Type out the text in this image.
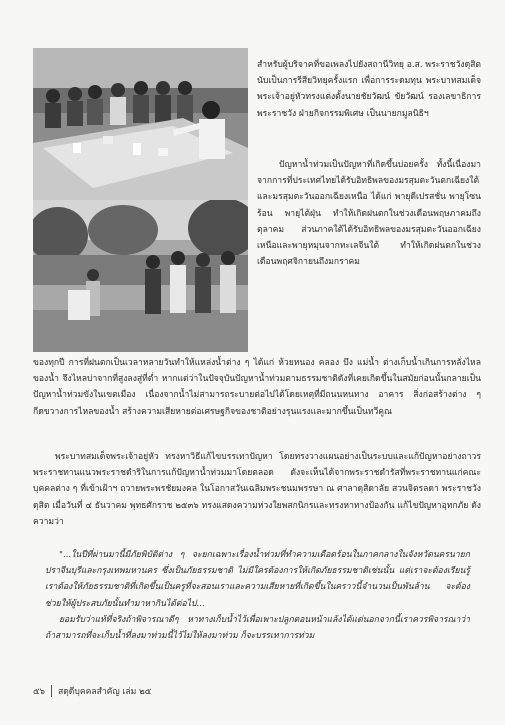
สำหรับผู้บริจาคที่ขอเพลงไปยังสถานีวิทยุ อ.ส. พระราชวังดุสิต นับเป็นการรีสียวิทยุครั้งแรก เพื่อการระดมทุน พระบาทสมเด็จพระเจ้าอยู่หัวทรงแต่งตั้งนายชัยวัฒน์ ขัยวัฒน์ รองเลขาธิการพระราชวัง ฝ่ายกิจกรรมพิเศษ เป็นนายกมูลนิธิฯ

ปัญหาน้ำท่วมเป็นปัญหาที่เกิดขึ้นบ่อยครั้ง ทั้งนี้เนื่องมาจากการที่ประเทศไทยได้รับอิทธิพลของมรสุมตะวันตกเฉียงใต้และมรสุมตะวันออกเฉียงเหนือ ได้แก่ พายุดีเปรสชั่น พายุโซนร้อน พายุไต้ฝุ่น ทำให้เกิดฝนตกในช่วงเดือนพฤษภาคมถึงตุลาคม ส่วนภาคใต้ได้รับอิทธิพลของมรสุมตะวันออกเฉียงเหนือและพายุหมุนจากทะเลจีนใต้ ทำให้เกิดฝนตกในช่วงเดือนพฤศจิกายนถึงมกราคม

ของทุกปี การที่ฝนตกเป็นเวลาหลายวันทำให้แหล่งน้ำต่าง ๆ ได้แก่ ห้วยหนอง คลอง บึง แม่น้ำ ต่างเก็บน้ำเกินการหลั่งไหลของน้ำ จึงไหลบ่าจากที่สูงลงสู่ที่ต่ำ หากแต่ว่าในปัจจุบันปัญหาน้ำท่วมตามธรรมชาติดังที่เคยเกิดขึ้นในสมัยก่อนนั้นกลายเป็นปัญหาน้ำท่วมขังในเขตเมือง เนื่องจากน้ำไม่สามารถระบายต่อไปได้โดยเหตุที่มีถนนหนทาง อาคาร สิ่งก่อสร้างต่าง ๆ กีดขวางการไหลของน้ำ สร้างความเสียหายต่อเศรษฐกิจของชาติอย่างรุนแรงและมากขึ้นเป็นทวีคูณ

พระบาทสมเด็จพระเจ้าอยู่หัว ทรงหาวิธีแก้ไขบรรเทาปัญหา โดยทรงวางแผนอย่างเป็นระบบและแก้ปัญหาอย่างถาวร พระราชทานแนวพระราชดำริในการแก้ปัญหาน้ำท่วมมาโดยตลอด ดังจะเห็นได้จากพระราชดำรัสที่พระราชทานแก่คณะบุคคลต่าง ๆ ที่เข้าเฝ้าฯ ถวายพระพรชัยมงคล ในโอกาสวันเฉลิมพระชนมพรรษา ณ ศาลาดุสิดาลัย สวนจิตรลดา พระราชวังดุสิต เมื่อวันที่ ๔ ธันวาคม พุทธศักราช ๒๕๓๖ ทรงแสดงความห่วงใยพสกนิกรและทรงหาทางป้องกัน แก้ไขปัญหาอุทกภัย ดังความว่า

"...ในปีที่ผ่านมานี้มีภัยพิบัติต่าง ๆ จะยกเฉพาะเรื่องน้ำท่วมที่ทำความเดือดร้อนในภาคกลางในจังหวัดนครนายก ปราจีนบุรีและกรุงเทพมหานคร ซึ่งเป็นภัยธรรมชาติ ไม่มีใครต้องการให้เกิดภัยธรรมชาติเช่นนั้น แต่เราจะต้องเรียนรู้ เราต้องให้ภัยธรรมชาติที่เกิดขึ้นเป็นครูที่จะสอนเราและความเสียหายที่เกิดขึ้นในคราวนี้จำนวนเป็นพันล้าน จะต้องช่วยให้ผู้ประสบภัยนั้นทำมาหากินได้ต่อไป...

ยอมรับว่าแท้ที่จริงถ้าพิจารณาดีๆ หาทางเก็บน้ำไว้เพื่อเพาะปลูกตอนหน้าแล้งได้แต่นอกจากนี้เราควรพิจารณาว่า ถ้าสามารถที่จะเก็บน้ำที่ลงมาท่วมนี้ไว้ไม่ให้ลงมาท่วม ก็จะบรรเทาการท่วม

๕๖ สดุดีบุคคลสำคัญ เล่ม ๒๕
